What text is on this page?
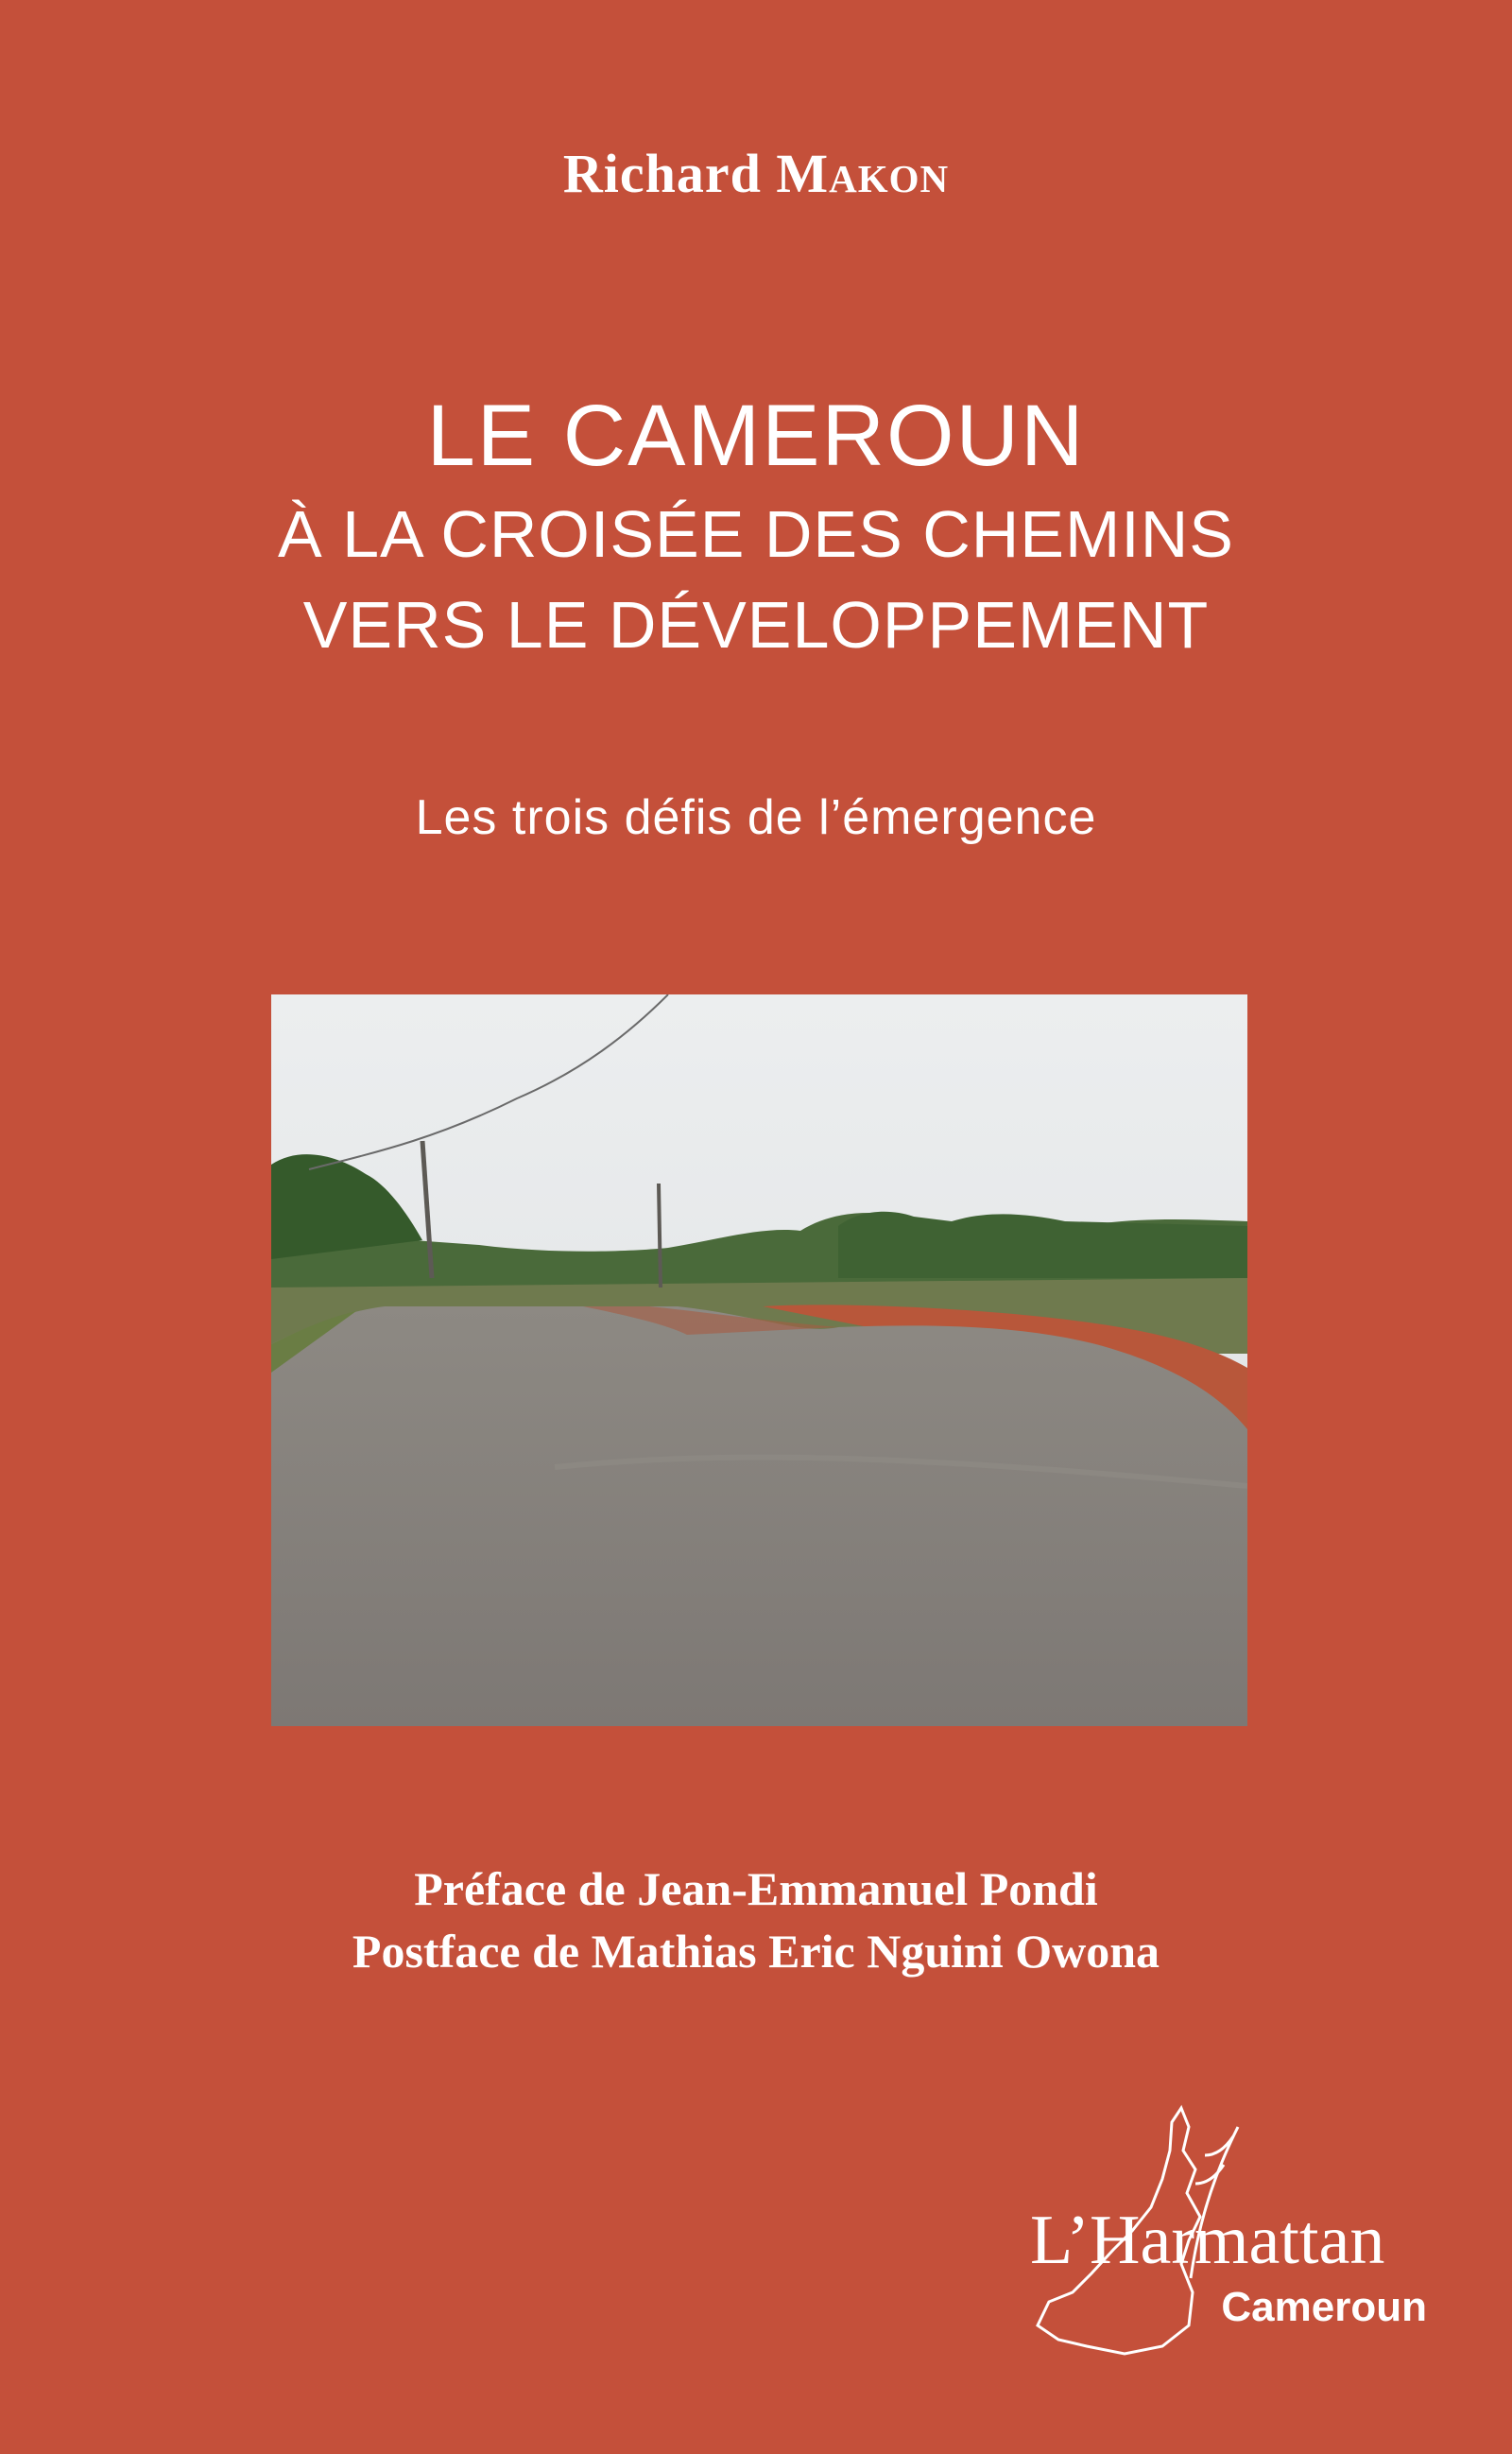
Richard Makon
LE CAMEROUN
À LA CROISÉE DES CHEMINS
VERS LE DÉVELOPPEMENT
Les trois défis de l’émergence
Préface de Jean-Emmanuel Pondi
Postface de Mathias Eric Nguini Owona
L’Harmattan
Cameroun
